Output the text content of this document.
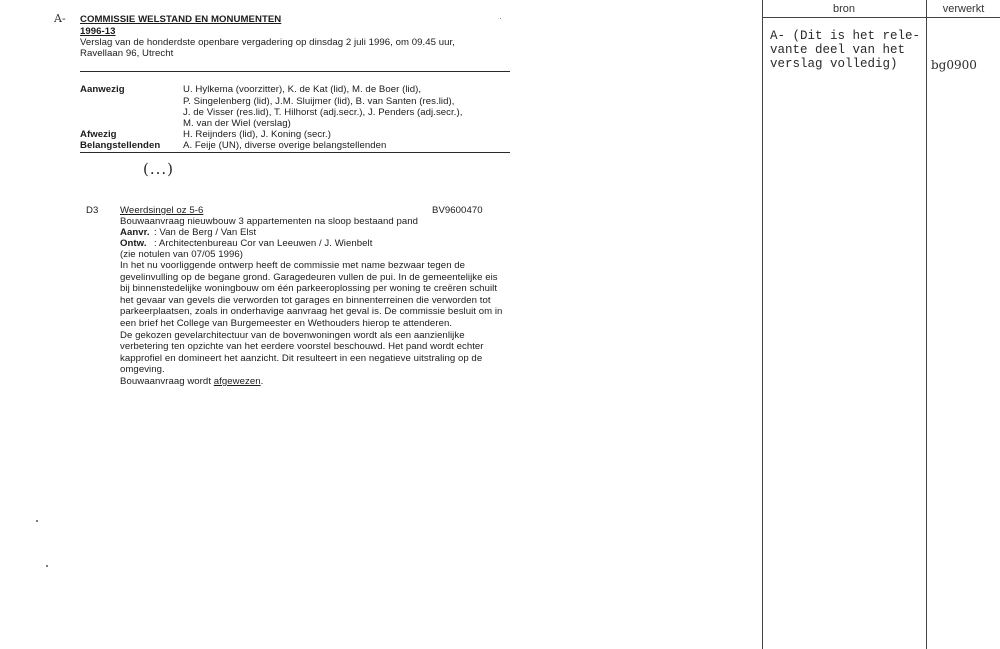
A- COMMISSIE WELSTAND EN MONUMENTEN
1996-13
Verslag van de honderdste openbare vergadering op dinsdag 2 juli 1996, om 09.45 uur,
Ravellaan 96, Utrecht
Aanwezig	U. Hylkema (voorzitter), K. de Kat (lid), M. de Boer (lid),
P. Singelenberg (lid), J.M. Sluijmer (lid), B. van Santen (res.lid),
J. de Visser (res.lid), T. Hilhorst (adj.secr.), J. Penders (adj.secr.),
M. van der Wiel (verslag)
Afwezig	H. Reijnders (lid), J. Koning (secr.)
Belangstellenden A. Feije (UN), diverse overige belangstellenden
(...)
D3 Weerdsingel oz 5-6	BV9600470
Bouwaanvraag nieuwbouw 3 appartementen na sloop bestaand pand
Aanvr. : Van de Berg / Van Elst
Ontw. : Architectenbureau Cor van Leeuwen / J. Wienbelt
(zie notulen van 07/05 1996)
In het nu voorliggende ontwerp heeft de commissie met name bezwaar tegen de
gevelinvulling op de begane grond. Garagedeuren vullen de pui. In de gemeentelijke eis
bij binnenstedelijke woningbouw om één parkeeroplossing per woning te creëren schuilt
het gevaar van gevels die verworden tot garages en binnenterreinen die verworden tot
parkeerplaatsen, zoals in onderhavige aanvraag het geval is. De commissie besluit om in
een brief het College van Burgemeester en Wethouders hierop te attenderen.
De gekozen gevelarchitectuur van de bovenwoningen wordt als een aanzienlijke
verbetering ten opzichte van het eerdere voorstel beschouwd. Het pand wordt echter
kapprofiel en domineert het aanzicht. Dit resulteert in een negatieve uitstraling op de
omgeving.
Bouwaanvraag wordt afgewezen.
bron	verwerkt
A- (Dit is het rele-
vante deel van het
verslag volledig)	bg0900
